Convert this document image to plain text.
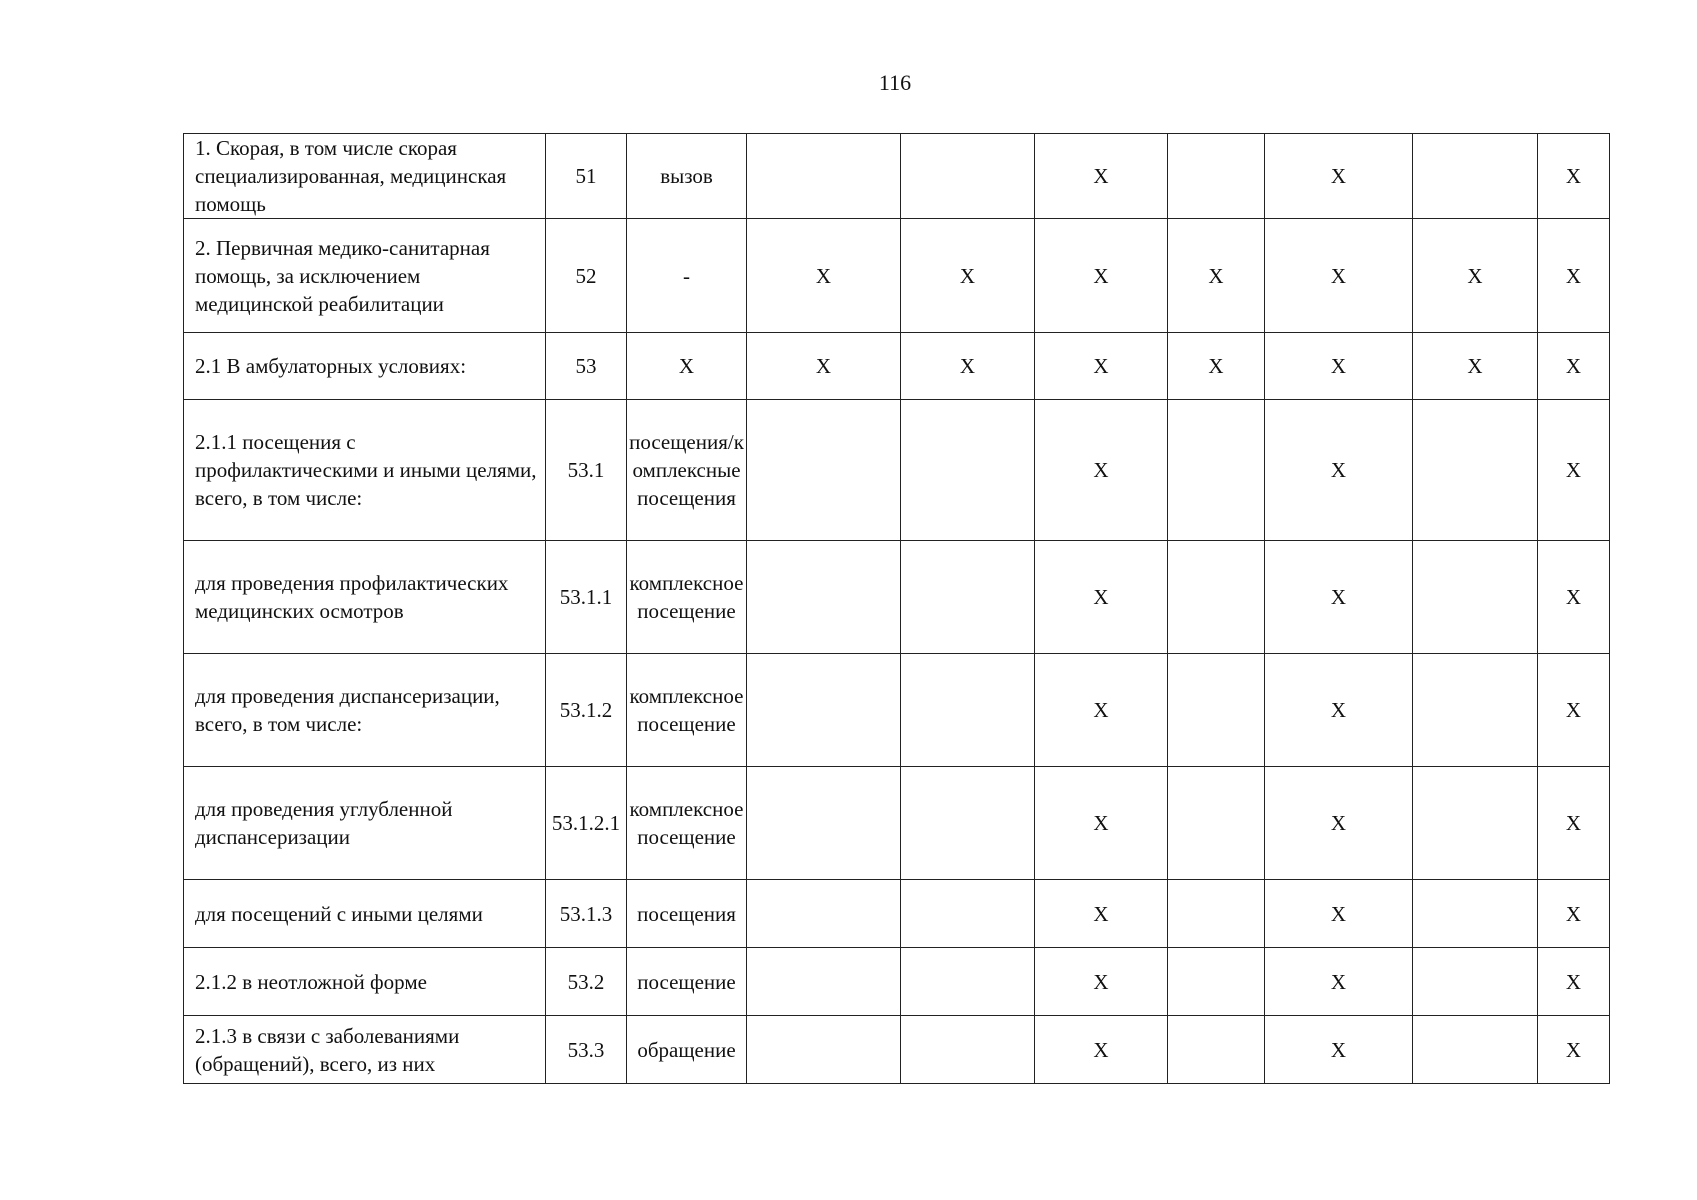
116
1. Скорая, в том числе скорая специализированная, медицинская помощь	51	вызов			X		X		X
2. Первичная медико-санитарная помощь, за исключением медицинской реабилитации	52	-	X	X	X	X	X	X	X
2.1 В амбулаторных условиях:	53	X	X	X	X	X	X	X	X
2.1.1 посещения с профилактическими и иными целями, всего, в том числе:	53.1	посещения/комплексные посещения			X		X		X
для проведения профилактических медицинских осмотров	53.1.1	комплексное посещение			X		X		X
для проведения диспансеризации, всего, в том числе:	53.1.2	комплексное посещение			X		X		X
для проведения углубленной диспансеризации	53.1.2.1	комплексное посещение			X		X		X
для посещений с иными целями	53.1.3	посещения			X		X		X
2.1.2 в неотложной форме	53.2	посещение			X		X		X
2.1.3 в связи с заболеваниями (обращений), всего, из них	53.3	обращение			X		X		X
